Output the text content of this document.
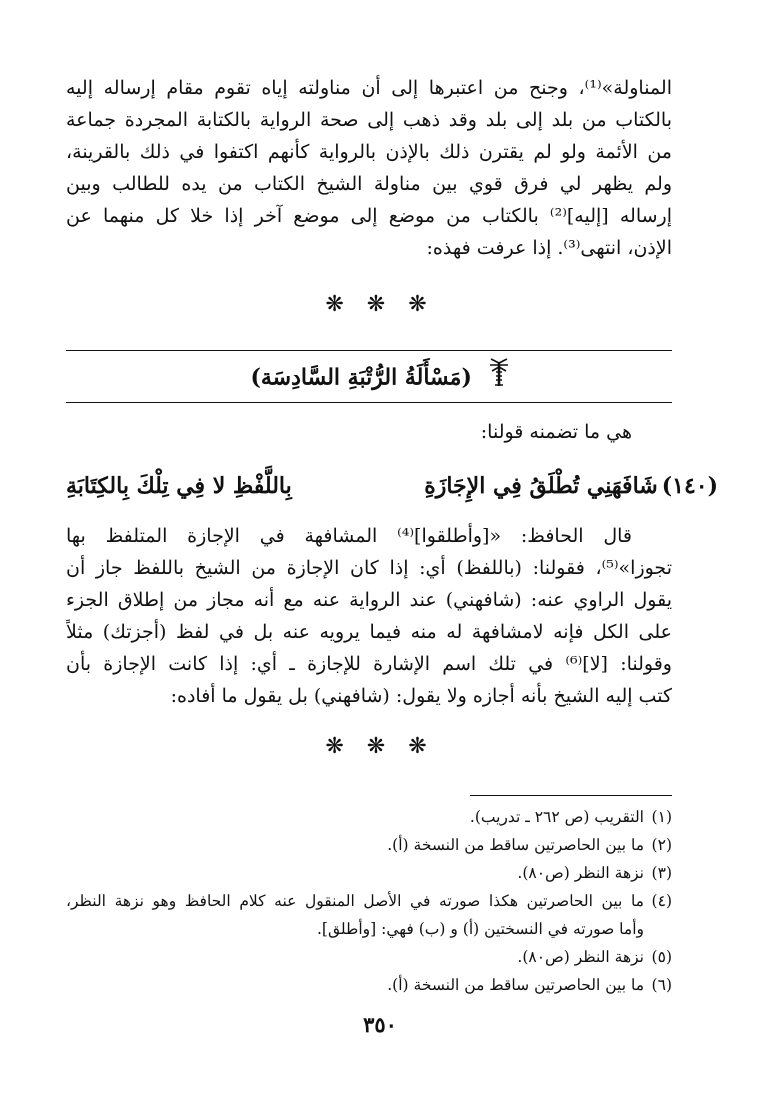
المناولة»⁽¹⁾، وجنح من اعتبرها إلى أن مناولته إياه تقوم مقام إرساله إليه
بالكتاب من بلد إلى بلد وقد ذهب إلى صحة الرواية بالكتابة المجردة جماعة
من الأئمة ولو لم يقترن ذلك بالإذن بالرواية كأنهم اكتفوا في ذلك بالقرينة،
ولم يظهر لي فرق قوي بين مناولة الشيخ الكتاب من يده للطالب وبين
إرساله [إليه]⁽²⁾ بالكتاب من موضع إلى موضع آخر إذا خلا كل منهما عن
الإذن، انتهى⁽³⁾. إذا عرفت فهذه:
❋ ❋ ❋
(مَسْأَلَةُ الرُّتْبَةِ السَّادِسَة)
هي ما تضمنه قولنا:
(١٤٠)
شَافَهَنِي تُطْلَقُ فِي الإِجَازَةِ
بِاللَّفْظِ لا فِي تِلْكَ بِالكِتَابَةِ
قال الحافظ: «[وأطلقوا]⁽⁴⁾ المشافهة في الإجازة المتلفظ بها
تجوزا»⁽⁵⁾، فقولنا: (باللفظ) أي: إذا كان الإجازة من الشيخ باللفظ جاز أن
يقول الراوي عنه: (شافهني) عند الرواية عنه مع أنه مجاز من إطلاق الجزء
على الكل فإنه لامشافهة له منه فيما يرويه عنه بل في لفظ (أجزتك) مثلاً
وقولنا: [لا]⁽⁶⁾ في تلك اسم الإشارة للإجازة ـ أي: إذا كانت الإجازة بأن
كتب إليه الشيخ بأنه أجازه ولا يقول: (شافهني) بل يقول ما أفاده:
❋ ❋ ❋
(١)
التقريب (ص ٢٦٢ ـ تدريب).
(٢)
ما بين الحاصرتين ساقط من النسخة (أ).
(٣)
نزهة النظر (ص٨٠).
(٤)
ما بين الحاصرتين هكذا صورته في الأصل المنقول عنه كلام الحافظ وهو نزهة النظر،
وأما صورته في النسختين (أ) و (ب) فهي: [وأطلق].
(٥)
نزهة النظر (ص٨٠).
(٦)
ما بين الحاصرتين ساقط من النسخة (أ).
٣٥٠
